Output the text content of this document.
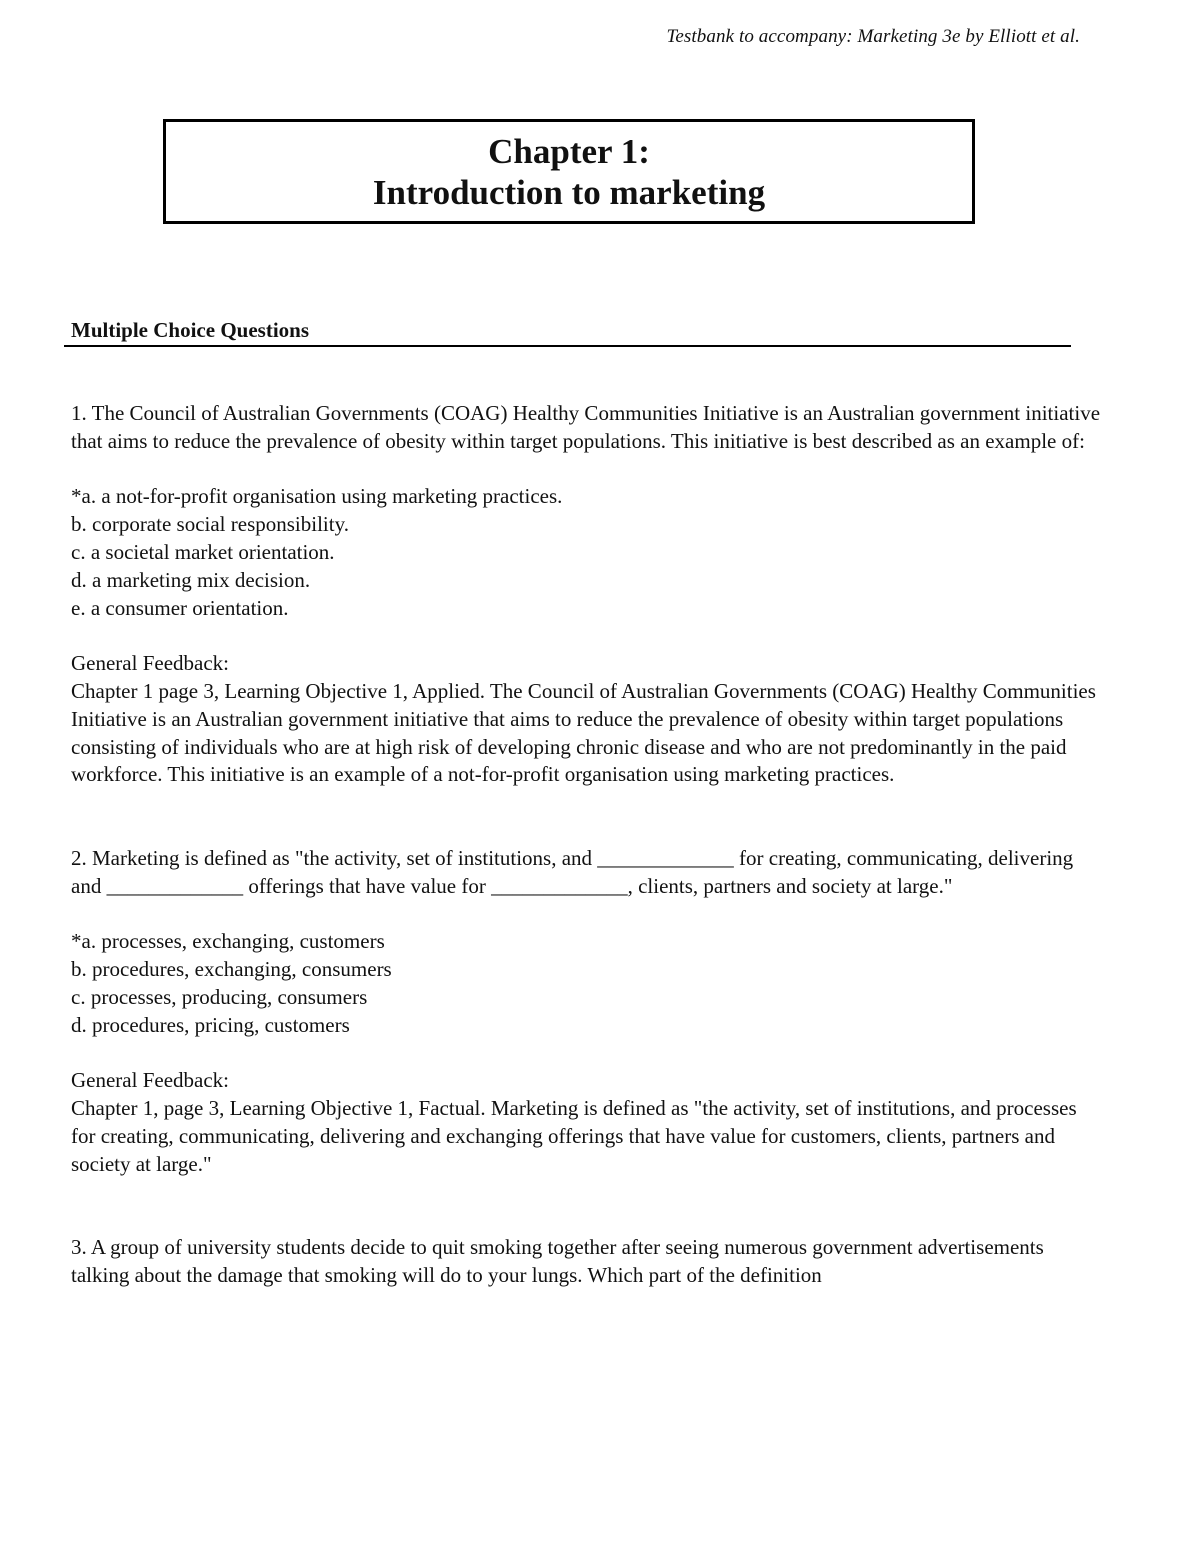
Testbank to accompany: Marketing 3e by Elliott et al.
Chapter 1:
Introduction to marketing
Multiple Choice Questions

1. The Council of Australian Governments (COAG) Healthy Communities Initiative is an Australian government initiative that aims to reduce the prevalence of obesity within target populations. This initiative is best described as an example of:

*a. a not-for-profit organisation using marketing practices.

b. corporate social responsibility.

c. a societal market orientation.

d. a marketing mix decision.

e. a consumer orientation.

General Feedback:

Chapter 1 page 3, Learning Objective 1, Applied. The Council of Australian Governments (COAG) Healthy Communities Initiative is an Australian government initiative that aims to reduce the prevalence of obesity within target populations consisting of individuals who are at high risk of developing chronic disease and who are not predominantly in the paid workforce. This initiative is an example of a not-for-profit organisation using marketing practices.

2. Marketing is defined as "the activity, set of institutions, and _____________ for creating, communicating, delivering and _____________ offerings that have value for _____________, clients, partners and society at large."

*a. processes, exchanging, customers

b. procedures, exchanging, consumers

c. processes, producing, consumers

d. procedures, pricing, customers

General Feedback:

Chapter 1, page 3, Learning Objective 1, Factual. Marketing is defined as "the activity, set of institutions, and processes for creating, communicating, delivering and exchanging offerings that have value for customers, clients, partners and society at large."

3. A group of university students decide to quit smoking together after seeing numerous government advertisements talking about the damage that smoking will do to your lungs. Which part of the definition
